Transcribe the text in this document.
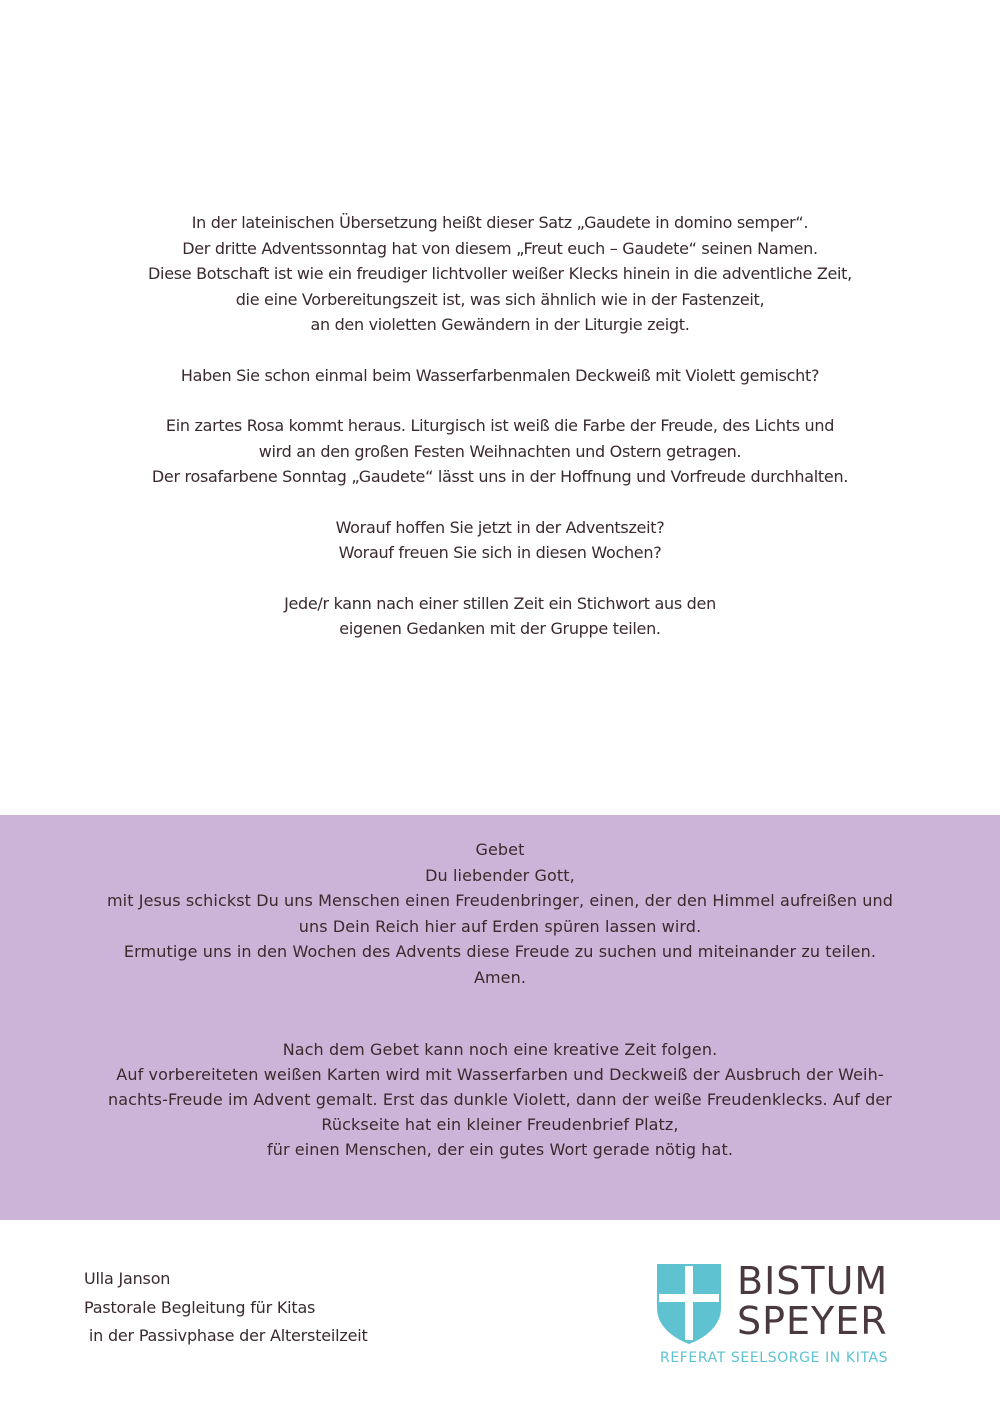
In der lateinischen Übersetzung heißt dieser Satz „Gaudete in domino semper“.
Der dritte Adventssonntag hat von diesem „Freut euch – Gaudete“ seinen Namen.
Diese Botschaft ist wie ein freudiger lichtvoller weißer Klecks hinein in die adventliche Zeit,
die eine Vorbereitungszeit ist, was sich ähnlich wie in der Fastenzeit,
an den violetten Gewändern in der Liturgie zeigt.
Haben Sie schon einmal beim Wasserfarbenmalen Deckweiß mit Violett gemischt?
Ein zartes Rosa kommt heraus. Liturgisch ist weiß die Farbe der Freude, des Lichts und
wird an den großen Festen Weihnachten und Ostern getragen.
Der rosafarbene Sonntag „Gaudete“ lässt uns in der Hoffnung und Vorfreude durchhalten.
Worauf hoffen Sie jetzt in der Adventszeit?
Worauf freuen Sie sich in diesen Wochen?
Jede/r kann nach einer stillen Zeit ein Stichwort aus den
eigenen Gedanken mit der Gruppe teilen.
Gebet
Du liebender Gott,
mit Jesus schickst Du uns Menschen einen Freudenbringer, einen, der den Himmel aufreißen und
uns Dein Reich hier auf Erden spüren lassen wird.
Ermutige uns in den Wochen des Advents diese Freude zu suchen und miteinander zu teilen.
Amen.
Nach dem Gebet kann noch eine kreative Zeit folgen.
Auf vorbereiteten weißen Karten wird mit Wasserfarben und Deckweiß der Ausbruch der Weih-
nachts-Freude im Advent gemalt. Erst das dunkle Violett, dann der weiße Freudenklecks. Auf der
Rückseite hat ein kleiner Freudenbrief Platz,
für einen Menschen, der ein gutes Wort gerade nötig hat.
Ulla Janson
Pastorale Begleitung für Kitas
in der Passivphase der Altersteilzeit
BISTUM
SPEYER
REFERAT SEELSORGE IN KITAS
